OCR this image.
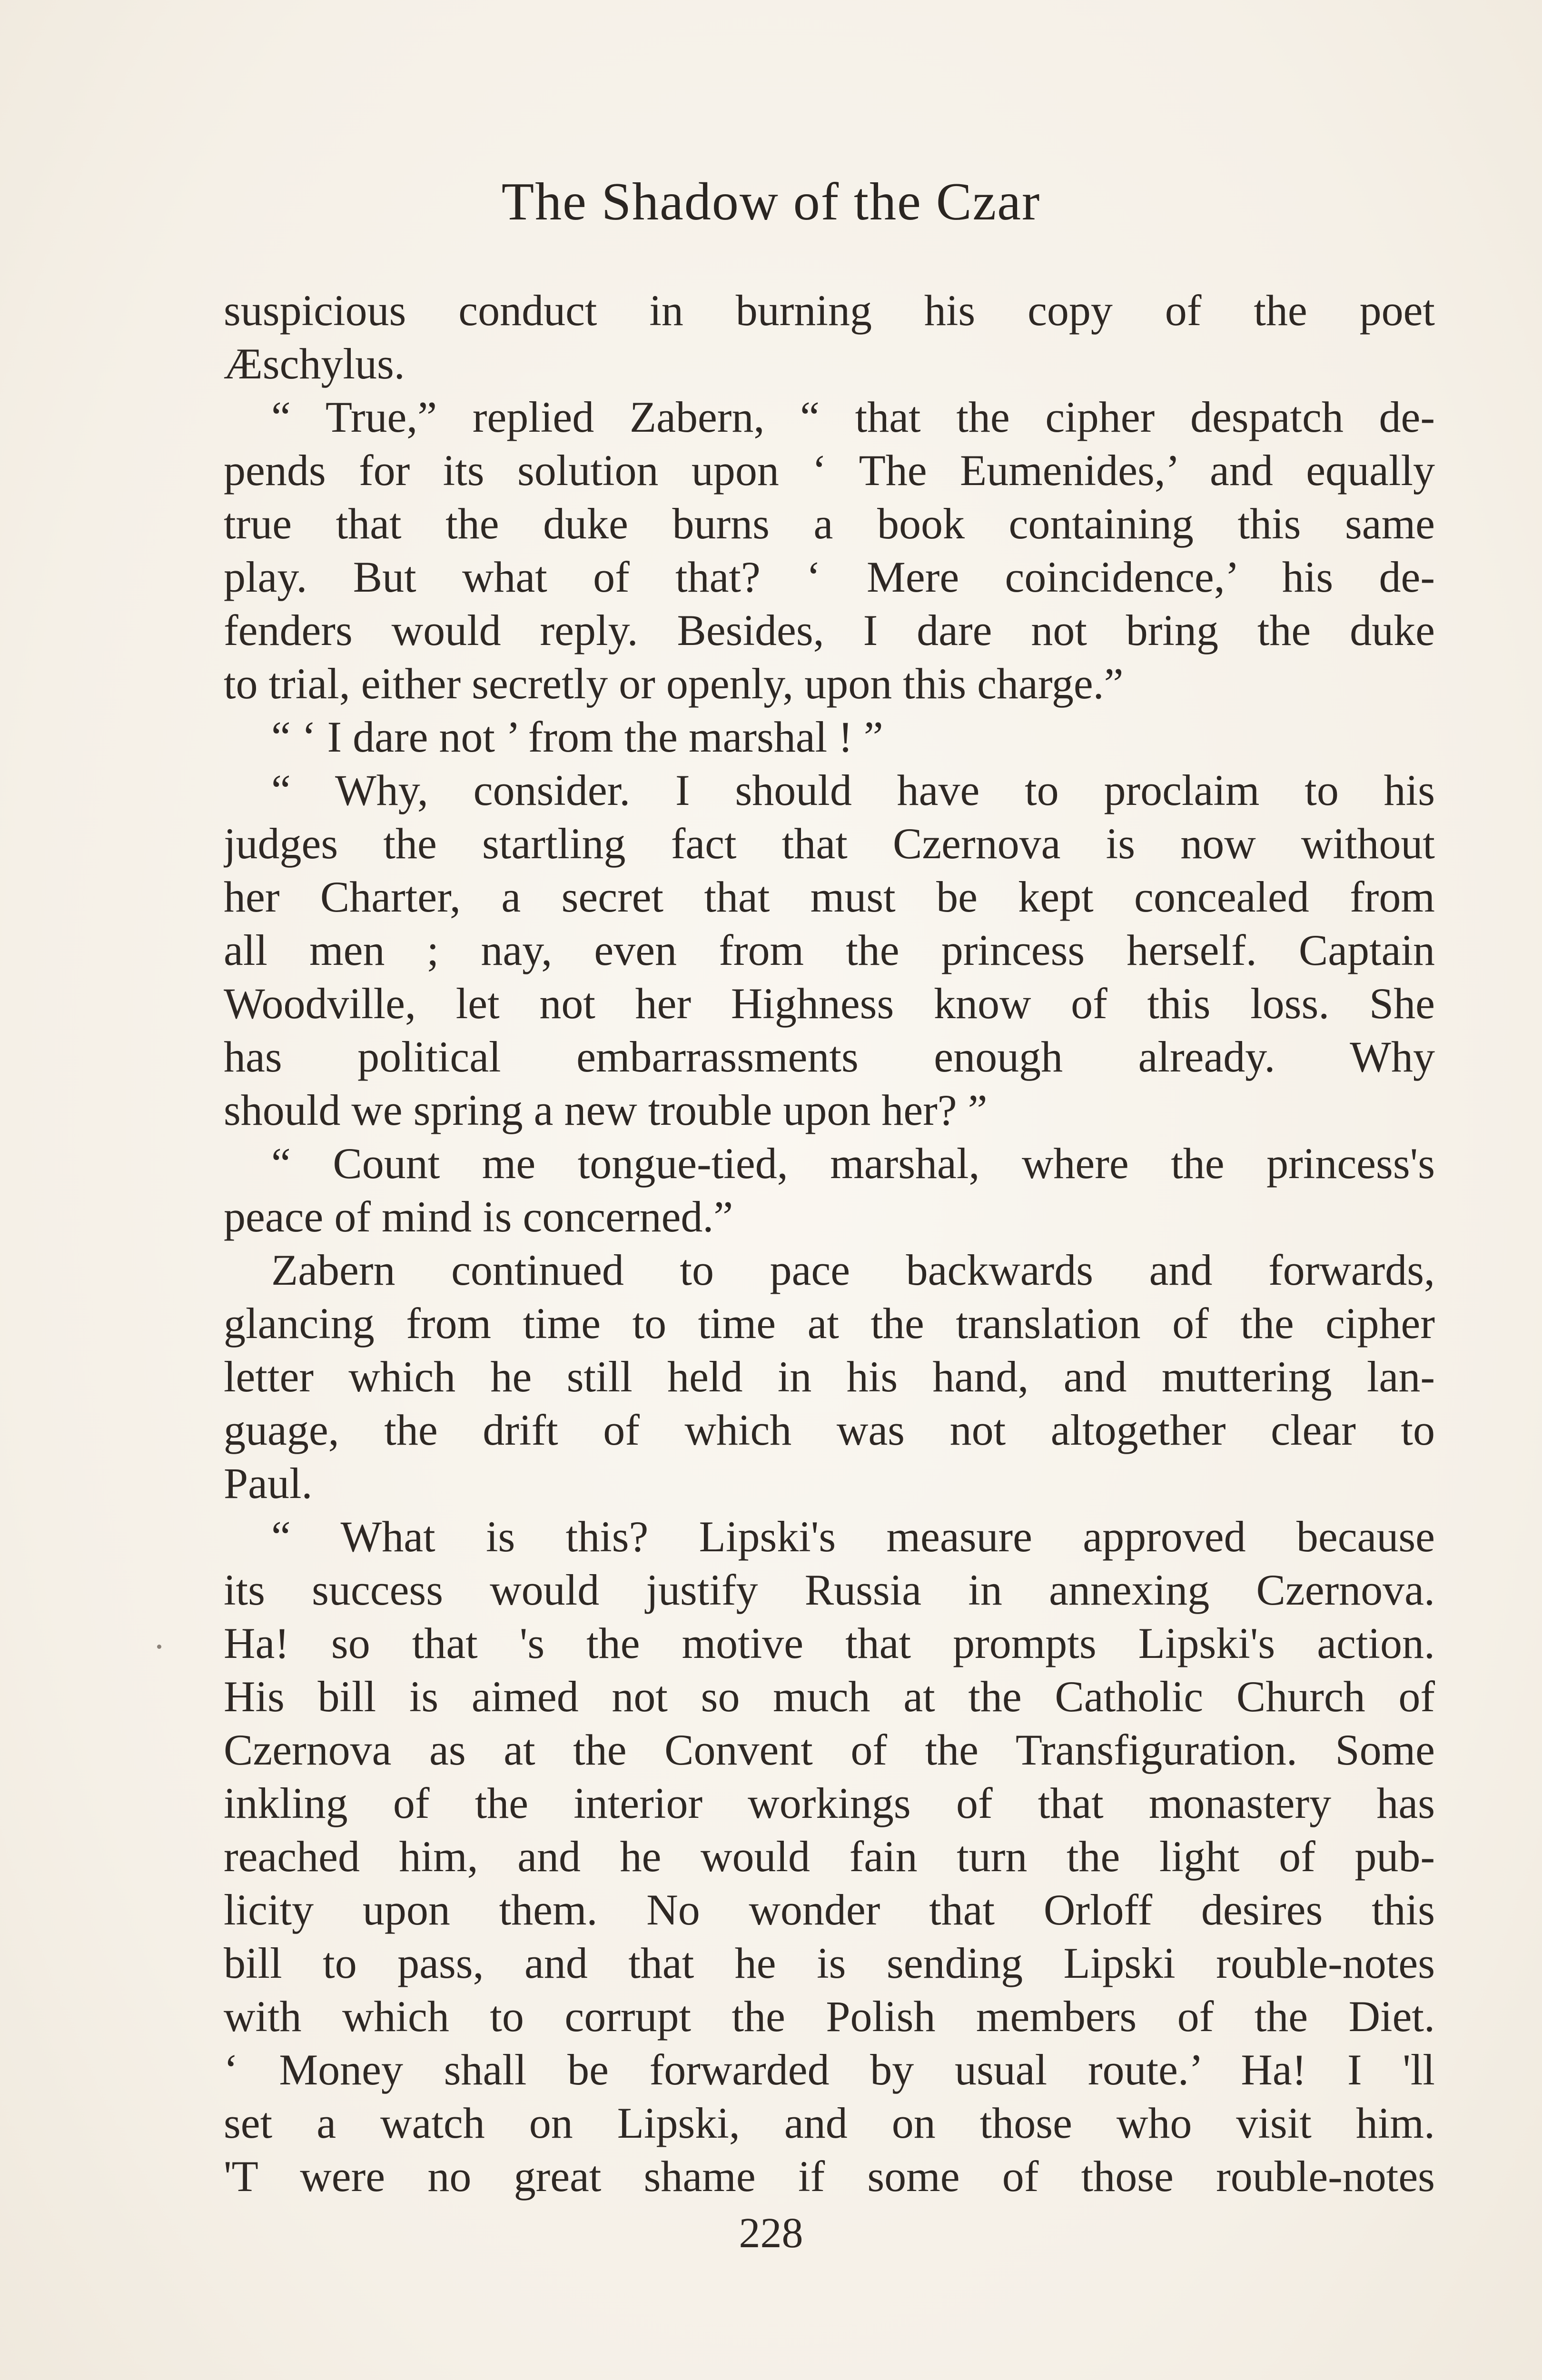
The Shadow of the Czar
suspicious conduct in burning his copy of the poet
Æschylus.
“ True,” replied Zabern, “ that the cipher despatch de-
pends for its solution upon ‘ The Eumenides,’ and equally
true that the duke burns a book containing this same
play. But what of that? ‘ Mere coincidence,’ his de-
fenders would reply. Besides, I dare not bring the duke
to trial, either secretly or openly, upon this charge.”
“ ‘ I dare not ’ from the marshal ! ”
“ Why, consider. I should have to proclaim to his
judges the startling fact that Czernova is now without
her Charter, a secret that must be kept concealed from
all men ; nay, even from the princess herself. Captain
Woodville, let not her Highness know of this loss. She
has political embarrassments enough already. Why
should we spring a new trouble upon her? ”
“ Count me tongue-tied, marshal, where the princess's
peace of mind is concerned.”
Zabern continued to pace backwards and forwards,
glancing from time to time at the translation of the cipher
letter which he still held in his hand, and muttering lan-
guage, the drift of which was not altogether clear to
Paul.
“ What is this? Lipski's measure approved because
its success would justify Russia in annexing Czernova.
Ha! so that 's the motive that prompts Lipski's action.
His bill is aimed not so much at the Catholic Church of
Czernova as at the Convent of the Transfiguration. Some
inkling of the interior workings of that monastery has
reached him, and he would fain turn the light of pub-
licity upon them. No wonder that Orloff desires this
bill to pass, and that he is sending Lipski rouble-notes
with which to corrupt the Polish members of the Diet.
‘ Money shall be forwarded by usual route.’ Ha! I 'll
set a watch on Lipski, and on those who visit him.
'T were no great shame if some of those rouble-notes
228
